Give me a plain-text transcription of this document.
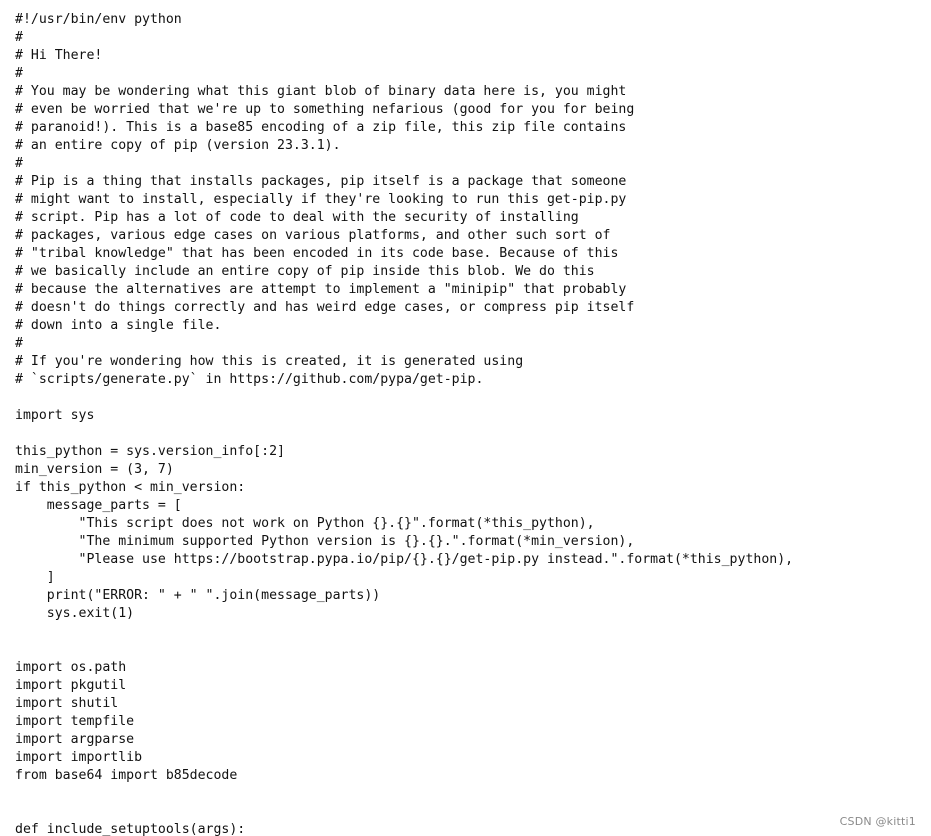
#!/usr/bin/env python
#
# Hi There!
#
# You may be wondering what this giant blob of binary data here is, you might
# even be worried that we're up to something nefarious (good for you for being
# paranoid!). This is a base85 encoding of a zip file, this zip file contains
# an entire copy of pip (version 23.3.1).
#
# Pip is a thing that installs packages, pip itself is a package that someone
# might want to install, especially if they're looking to run this get-pip.py
# script. Pip has a lot of code to deal with the security of installing
# packages, various edge cases on various platforms, and other such sort of
# "tribal knowledge" that has been encoded in its code base. Because of this
# we basically include an entire copy of pip inside this blob. We do this
# because the alternatives are attempt to implement a "minipip" that probably
# doesn't do things correctly and has weird edge cases, or compress pip itself
# down into a single file.
#
# If you're wondering how this is created, it is generated using
# `scripts/generate.py` in https://github.com/pypa/get-pip.
import sys
this_python = sys.version_info[:2]
min_version = (3, 7)
if this_python < min_version:
message_parts = [
"This script does not work on Python {}.{}".format(*this_python),
"The minimum supported Python version is {}.{}.".format(*min_version),
"Please use https://bootstrap.pypa.io/pip/{}.{}/get-pip.py instead.".format(*this_python),
]
print("ERROR: " + " ".join(message_parts))
sys.exit(1)
import os.path
import pkgutil
import shutil
import tempfile
import argparse
import importlib
from base64 import b85decode
def include_setuptools(args):
CSDN @kitti1
